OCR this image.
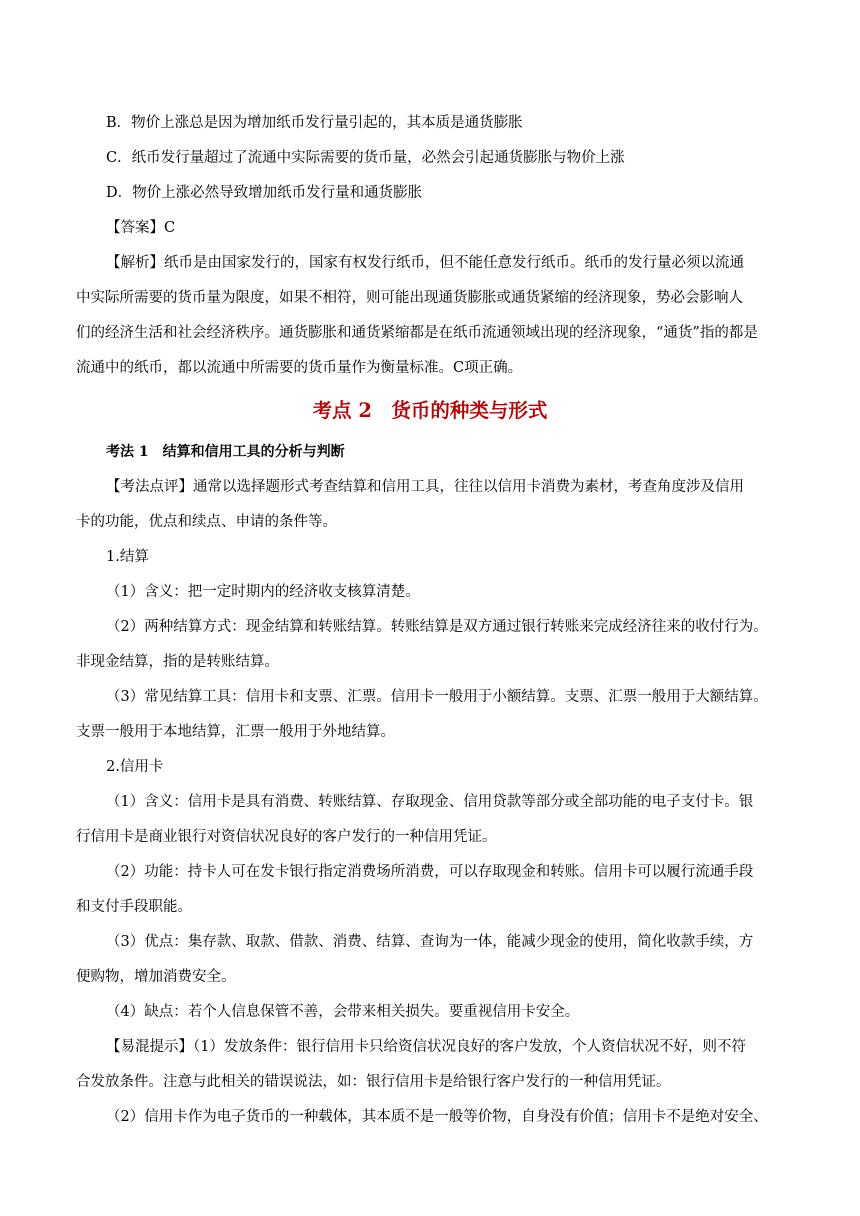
B．物价上涨总是因为增加纸币发行量引起的，其本质是通货膨胀
C．纸币发行量超过了流通中实际需要的货币量，必然会引起通货膨胀与物价上涨
D．物价上涨必然导致增加纸币发行量和通货膨胀
【答案】C
【解析】纸币是由国家发行的，国家有权发行纸币，但不能任意发行纸币。纸币的发行量必须以流通
中实际所需要的货币量为限度，如果不相符，则可能出现通货膨胀或通货紧缩的经济现象，势必会影响人
们的经济生活和社会经济秩序。通货膨胀和通货紧缩都是在纸币流通领域出现的经济现象，“通货”指的都是
流通中的纸币，都以流通中所需要的货币量作为衡量标准。C项正确。
考点 2　货币的种类与形式
考法 1　结算和信用工具的分析与判断
【考法点评】通常以选择题形式考查结算和信用工具，往往以信用卡消费为素材，考查角度涉及信用
卡的功能，优点和续点、申请的条件等。
1.结算
（1）含义：把一定时期内的经济收支核算清楚。
（2）两种结算方式：现金结算和转账结算。转账结算是双方通过银行转账来完成经济往来的收付行为。
非现金结算，指的是转账结算。
（3）常见结算工具：信用卡和支票、汇票。信用卡一般用于小额结算。支票、汇票一般用于大额结算。
支票一般用于本地结算，汇票一般用于外地结算。
2.信用卡
（1）含义：信用卡是具有消费、转账结算、存取现金、信用贷款等部分或全部功能的电子支付卡。银
行信用卡是商业银行对资信状况良好的客户发行的一种信用凭证。
（2）功能：持卡人可在发卡银行指定消费场所消费，可以存取现金和转账。信用卡可以履行流通手段
和支付手段职能。
（3）优点：集存款、取款、借款、消费、结算、查询为一体，能减少现金的使用，简化收款手续，方
便购物，增加消费安全。
（4）缺点：若个人信息保管不善，会带来相关损失。要重视信用卡安全。
【易混提示】（1）发放条件：银行信用卡只给资信状况良好的客户发放，个人资信状况不好，则不符
合发放条件。注意与此相关的错误说法，如：银行信用卡是给银行客户发行的一种信用凭证。
（2）信用卡作为电子货币的一种载体，其本质不是一般等价物，自身没有价值；信用卡不是绝对安全、
